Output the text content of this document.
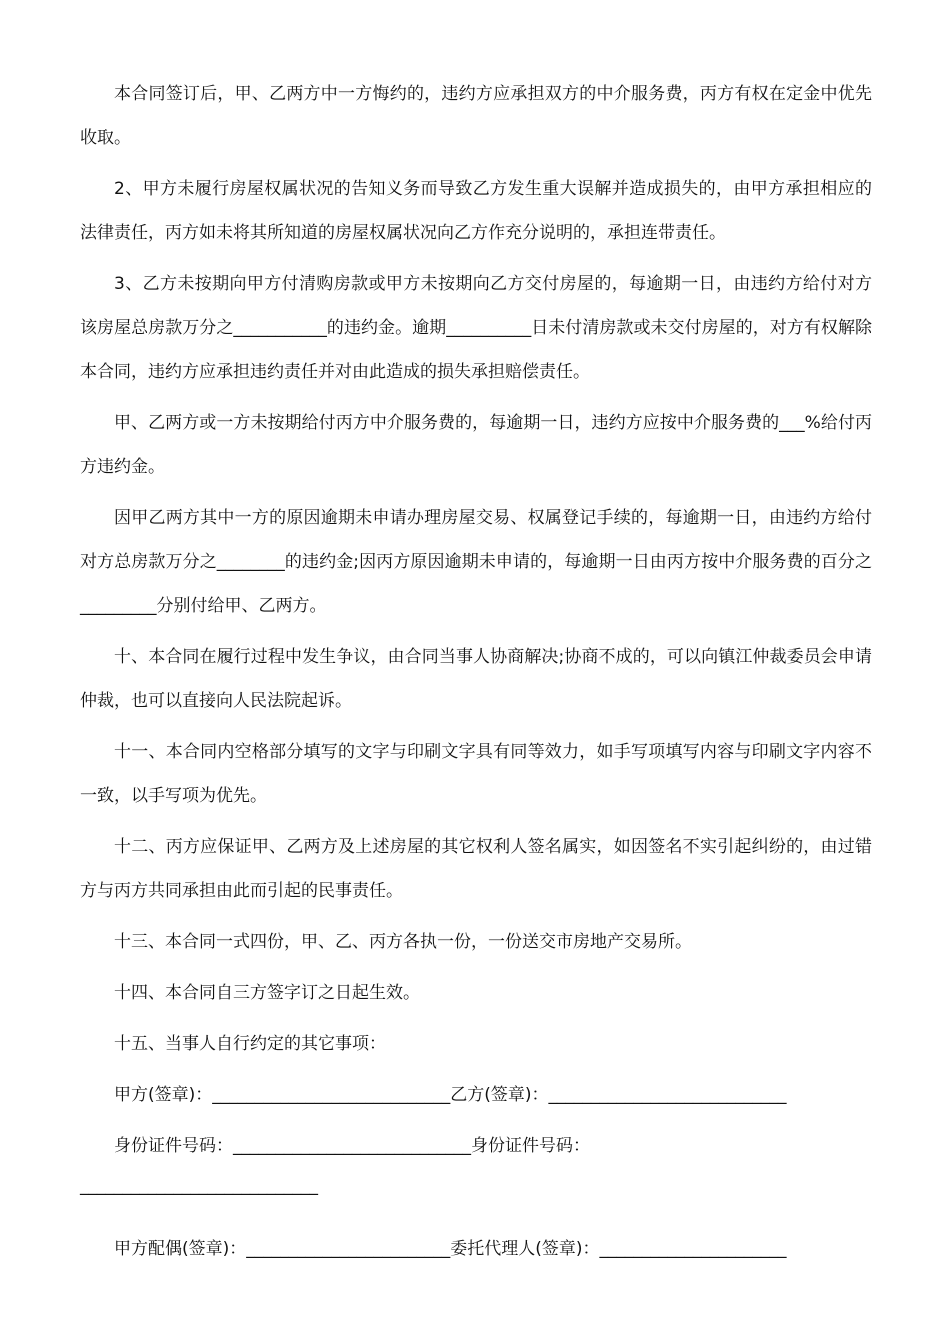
本合同签订后，甲、乙两方中一方悔约的，违约方应承担双方的中介服务费，丙方有权在定金中优先收取。

2、甲方未履行房屋权属状况的告知义务而导致乙方发生重大误解并造成损失的，由甲方承担相应的法律责任，丙方如未将其所知道的房屋权属状况向乙方作充分说明的，承担连带责任。

3、乙方未按期向甲方付清购房款或甲方未按期向乙方交付房屋的，每逾期一日，由违约方给付对方该房屋总房款万分之___________的违约金。逾期__________日未付清房款或未交付房屋的，对方有权解除本合同，违约方应承担违约责任并对由此造成的损失承担赔偿责任。

甲、乙两方或一方未按期给付丙方中介服务费的，每逾期一日，违约方应按中介服务费的___%给付丙方违约金。

因甲乙两方其中一方的原因逾期未申请办理房屋交易、权属登记手续的，每逾期一日，由违约方给付对方总房款万分之________的违约金;因丙方原因逾期未申请的，每逾期一日由丙方按中介服务费的百分之_________分别付给甲、乙两方。

十、本合同在履行过程中发生争议，由合同当事人协商解决;协商不成的，可以向镇江仲裁委员会申请仲裁，也可以直接向人民法院起诉。

十一、本合同内空格部分填写的文字与印刷文字具有同等效力，如手写项填写内容与印刷文字内容不一致，以手写项为优先。

十二、丙方应保证甲、乙两方及上述房屋的其它权利人签名属实，如因签名不实引起纠纷的，由过错方与丙方共同承担由此而引起的民事责任。

十三、本合同一式四份，甲、乙、丙方各执一份，一份送交市房地产交易所。

十四、本合同自三方签字订之日起生效。

十五、当事人自行约定的其它事项：

甲方(签章)：____________________________乙方(签章)：____________________________
身份证件号码：____________________________身份证件号码：
____________________________
甲方配偶(签章)：________________________委托代理人(签章)：______________________
